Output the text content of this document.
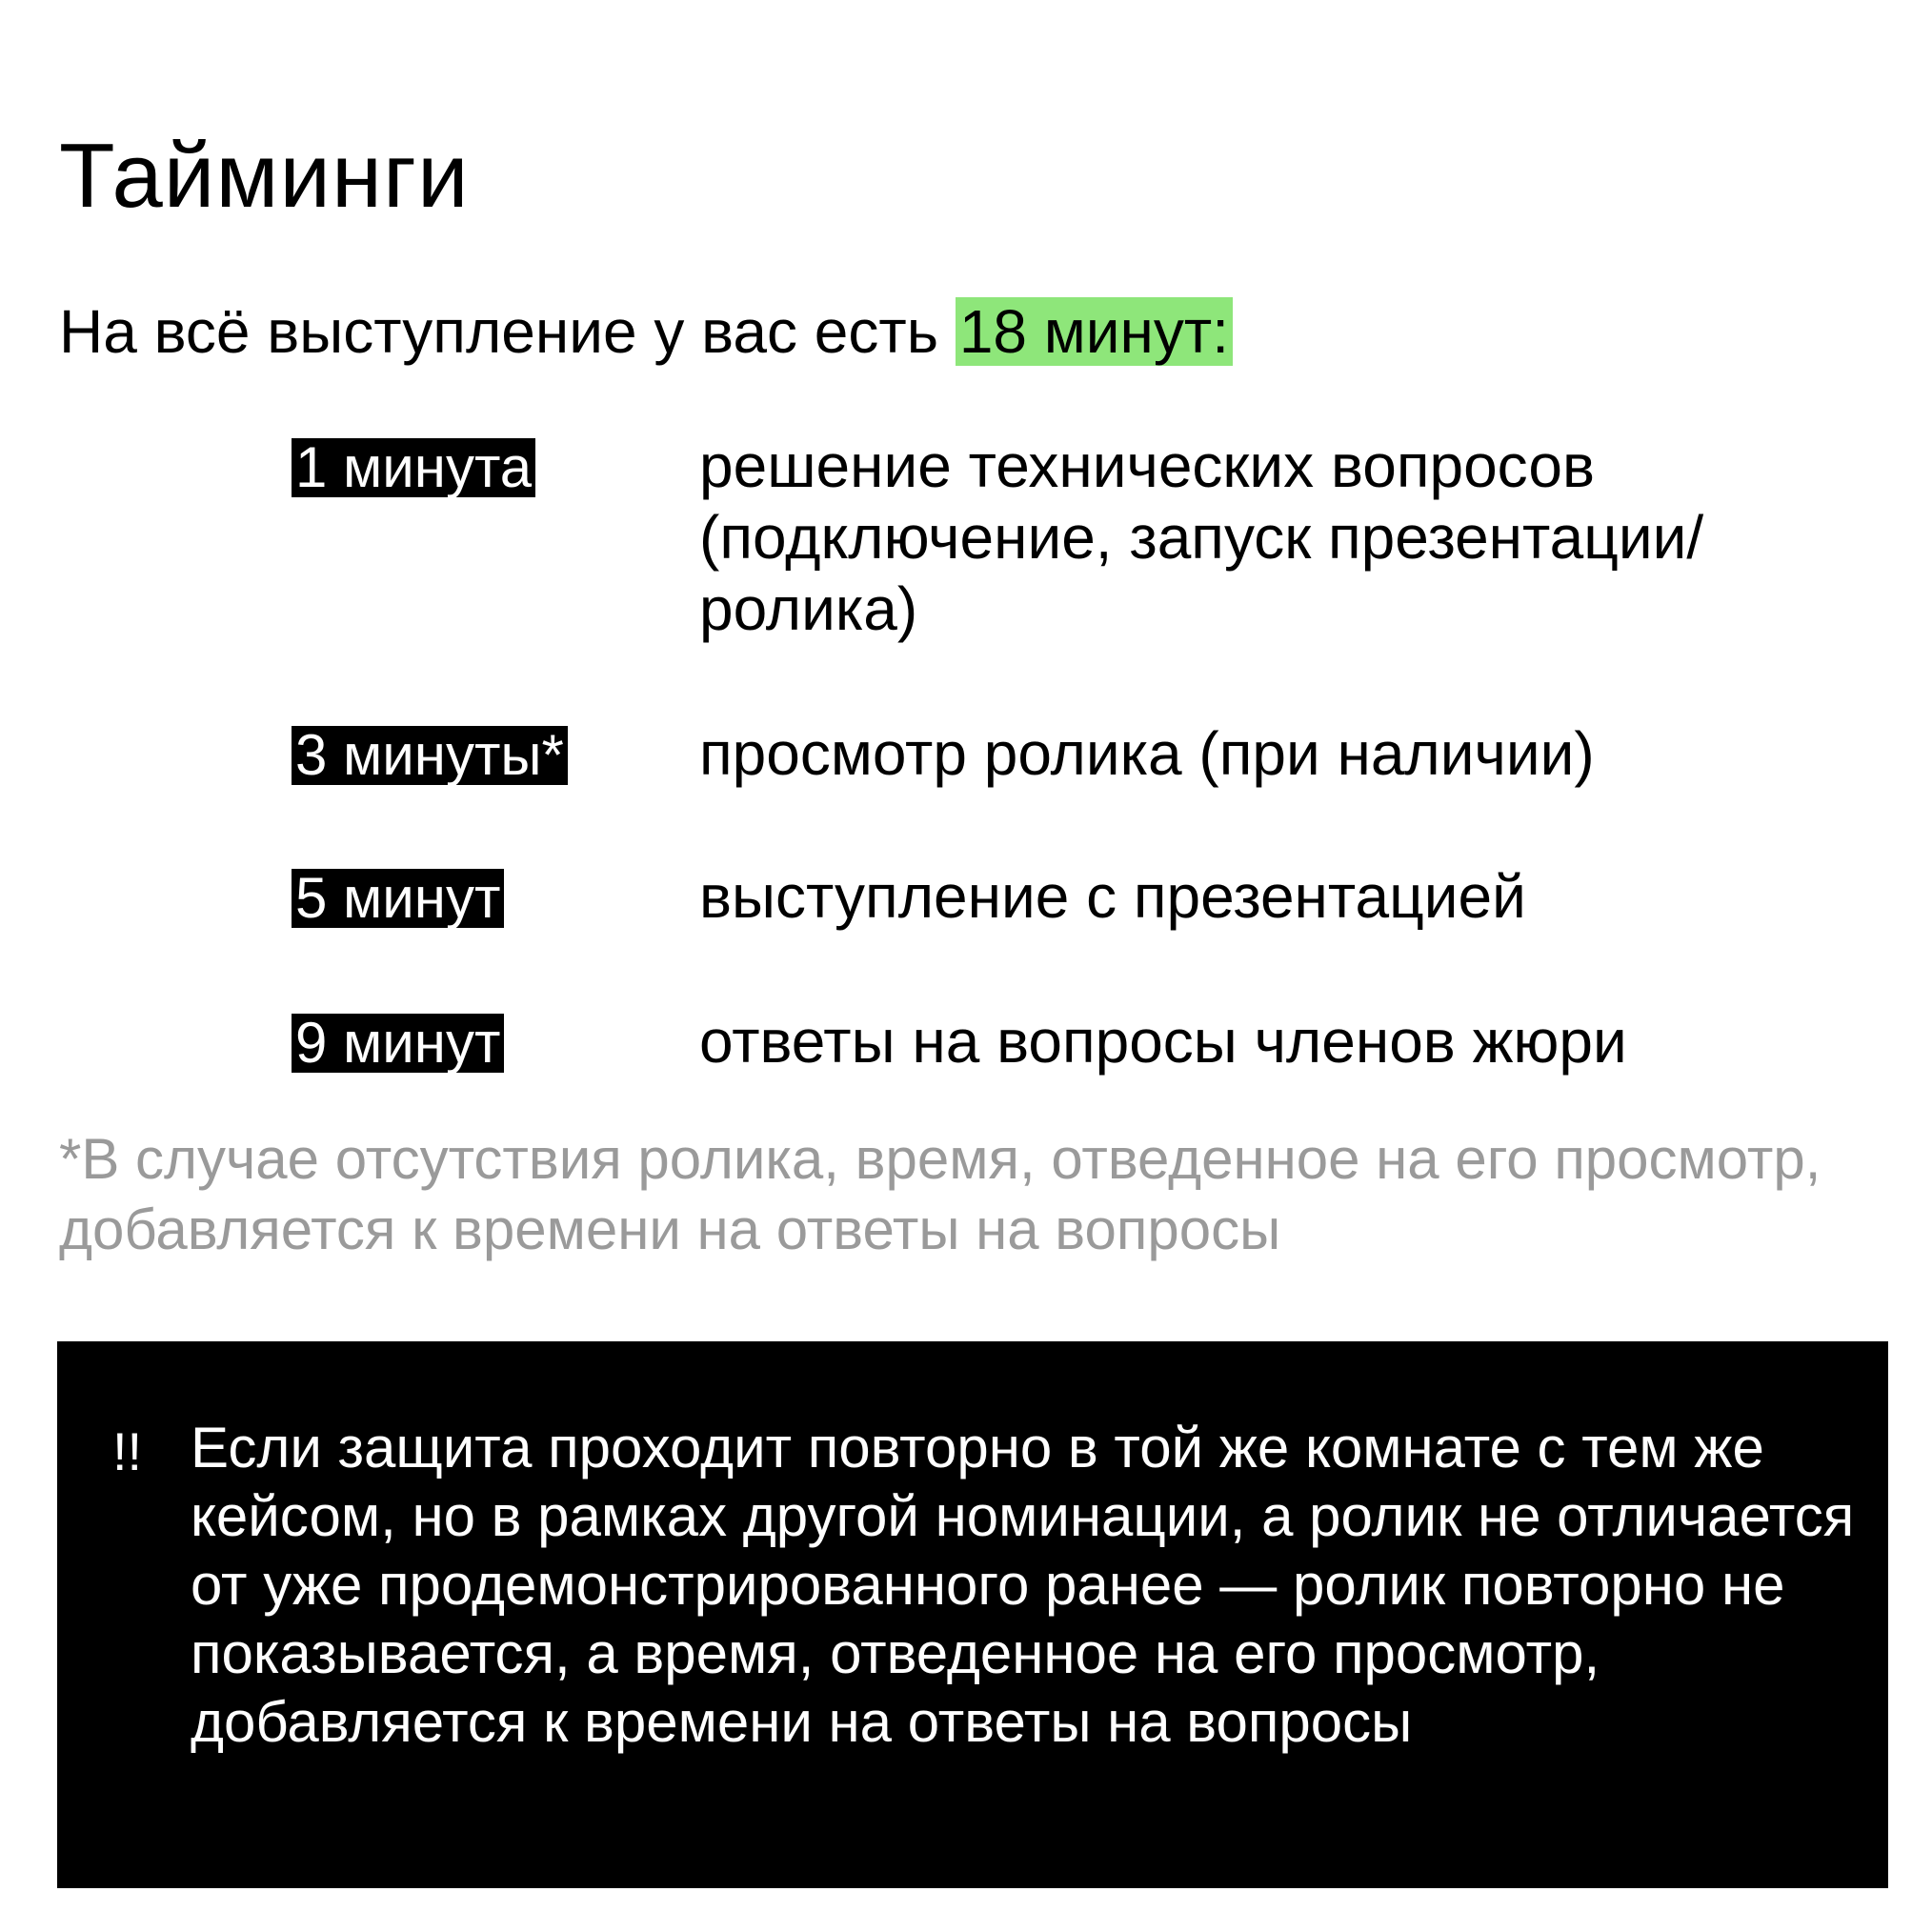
Тайминги

На всё выступление у вас есть 18 минут:

1 минута	решение технических вопросов (подключение, запуск презентации/ ролика)
3 минуты* просмотр ролика (при наличии)
5 минут	выступление с презентацией
9 минут	ответы на вопросы членов жюри

*В случае отсутствия ролика, время, отведенное на его просмотр, добавляется к времени на ответы на вопросы

!! Если защита проходит повторно в той же комнате с тем же кейсом, но в рамках другой номинации, а ролик не отличается от уже продемонстрированного ранее — ролик повторно не показывается, а время, отведенное на его просмотр, добавляется к времени на ответы на вопросы
